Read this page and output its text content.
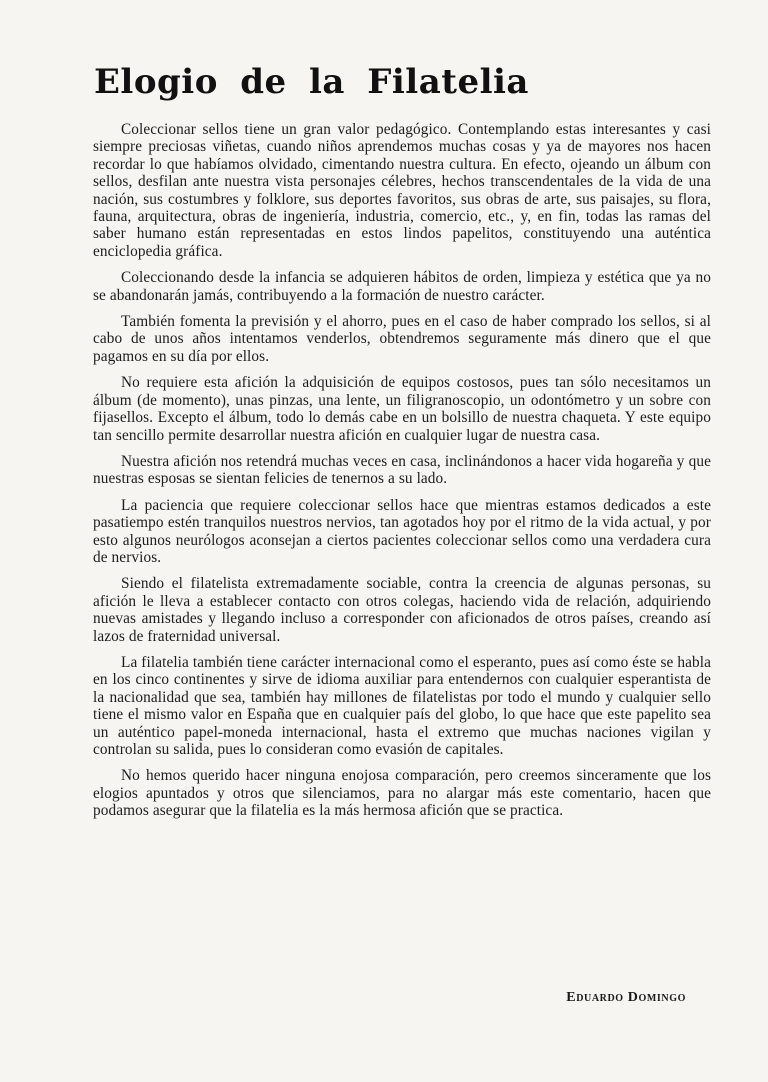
Elogio de la Filatelia

Coleccionar sellos tiene un gran valor pedagógico. Contemplando estas interesantes y casi siempre preciosas viñetas, cuando niños aprendemos muchas cosas y ya de mayores nos hacen recordar lo que habíamos olvidado, cimentando nuestra cultura. En efecto, ojeando un álbum con sellos, desfilan ante nuestra vista personajes célebres, hechos transcendentales de la vida de una nación, sus costumbres y folklore, sus deportes favoritos, sus obras de arte, sus paisajes, su flora, fauna, arquitectura, obras de ingeniería, industria, comercio, etc., y, en fin, todas las ramas del saber humano están representadas en estos lindos papelitos, constituyendo una auténtica enciclopedia gráfica.

Coleccionando desde la infancia se adquieren hábitos de orden, limpieza y estética que ya no se abandonarán jamás, contribuyendo a la formación de nuestro carácter.

También fomenta la previsión y el ahorro, pues en el caso de haber comprado los sellos, si al cabo de unos años intentamos venderlos, obtendremos seguramente más dinero que el que pagamos en su día por ellos.

No requiere esta afición la adquisición de equipos costosos, pues tan sólo necesitamos un álbum (de momento), unas pinzas, una lente, un filigranoscopio, un odontómetro y un sobre con fijasellos. Excepto el álbum, todo lo demás cabe en un bolsillo de nuestra chaqueta. Y este equipo tan sencillo permite desarrollar nuestra afición en cualquier lugar de nuestra casa.

Nuestra afición nos retendrá muchas veces en casa, inclinándonos a hacer vida hogareña y que nuestras esposas se sientan felicies de tenernos a su lado.

La paciencia que requiere coleccionar sellos hace que mientras estamos dedicados a este pasatiempo estén tranquilos nuestros nervios, tan agotados hoy por el ritmo de la vida actual, y por esto algunos neurólogos aconsejan a ciertos pacientes coleccionar sellos como una verdadera cura de nervios.

Siendo el filatelista extremadamente sociable, contra la creencia de algunas personas, su afición le lleva a establecer contacto con otros colegas, haciendo vida de relación, adquiriendo nuevas amistades y llegando incluso a corresponder con aficionados de otros países, creando así lazos de fraternidad universal.

La filatelia también tiene carácter internacional como el esperanto, pues así como éste se habla en los cinco continentes y sirve de idioma auxiliar para entendernos con cualquier esperantista de la nacionalidad que sea, también hay millones de filatelistas por todo el mundo y cualquier sello tiene el mismo valor en España que en cualquier país del globo, lo que hace que este papelito sea un auténtico papel-moneda internacional, hasta el extremo que muchas naciones vigilan y controlan su salida, pues lo consideran como evasión de capitales.

No hemos querido hacer ninguna enojosa comparación, pero creemos sinceramente que los elogios apuntados y otros que silenciamos, para no alargar más este comentario, hacen que podamos asegurar que la filatelia es la más hermosa afición que se practica.

Eduardo Domingo
